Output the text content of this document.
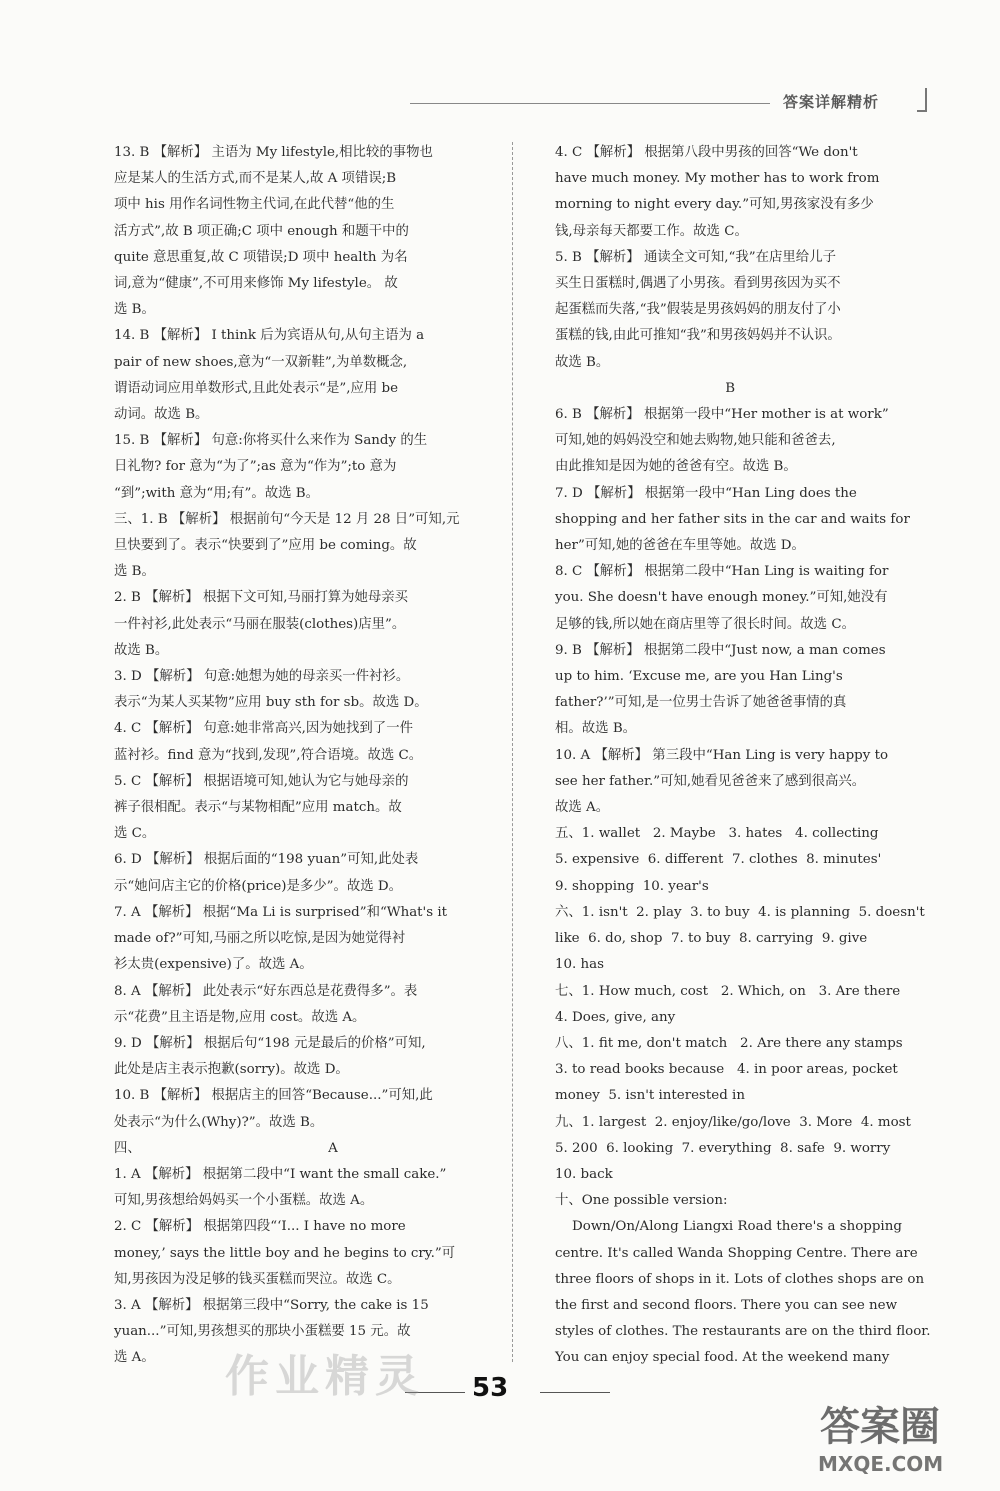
答案详解精析
13. B 【解析】 主语为 My lifestyle,相比较的事物也
应是某人的生活方式,而不是某人,故 A 项错误;B
项中 his 用作名词性物主代词,在此代替“他的生
活方式”,故 B 项正确;C 项中 enough 和题干中的
quite 意思重复,故 C 项错误;D 项中 health 为名
词,意为“健康”,不可用来修饰 My lifestyle。 故
选 B。
14. B 【解析】 I think 后为宾语从句,从句主语为 a
pair of new shoes,意为“一双新鞋”,为单数概念,
谓语动词应用单数形式,且此处表示“是”,应用 be
动词。故选 B。
15. B 【解析】 句意:你将买什么来作为 Sandy 的生
日礼物? for 意为“为了”;as 意为“作为”;to 意为
“到”;with 意为“用;有”。故选 B。
三、1. B 【解析】 根据前句“今天是 12 月 28 日”可知,元
旦快要到了。表示“快要到了”应用 be coming。故
选 B。
2. B 【解析】 根据下文可知,马丽打算为她母亲买
一件衬衫,此处表示“马丽在服装(clothes)店里”。
故选 B。
3. D 【解析】 句意:她想为她的母亲买一件衬衫。
表示“为某人买某物”应用 buy sth for sb。故选 D。
4. C 【解析】 句意:她非常高兴,因为她找到了一件
蓝衬衫。find 意为“找到,发现”,符合语境。故选 C。
5. C 【解析】 根据语境可知,她认为它与她母亲的
裤子很相配。表示“与某物相配”应用 match。故
选 C。
6. D 【解析】 根据后面的“198 yuan”可知,此处表
示“她问店主它的价格(price)是多少”。故选 D。
7. A 【解析】 根据“Ma Li is surprised”和“What's it
made of?”可知,马丽之所以吃惊,是因为她觉得衬
衫太贵(expensive)了。故选 A。
8. A 【解析】 此处表示“好东西总是花费得多”。表
示“花费”且主语是物,应用 cost。故选 A。
9. D 【解析】 根据后句“198 元是最后的价格”可知,
此处是店主表示抱歉(sorry)。故选 D。
10. B 【解析】 根据店主的回答“Because...”可知,此
处表示“为什么(Why)?”。故选 B。
四、                                            A
1. A 【解析】 根据第二段中“I want the small cake.”
可知,男孩想给妈妈买一个小蛋糕。故选 A。
2. C 【解析】 根据第四段“‘I... I have no more
money,’ says the little boy and he begins to cry.”可
知,男孩因为没足够的钱买蛋糕而哭泣。故选 C。
3. A 【解析】 根据第三段中“Sorry, the cake is 15
yuan...”可知,男孩想买的那块小蛋糕要 15 元。故
选 A。
4. C 【解析】 根据第八段中男孩的回答“We don't
have much money. My mother has to work from
morning to night every day.”可知,男孩家没有多少
钱,母亲每天都要工作。故选 C。
5. B 【解析】 通读全文可知,“我”在店里给儿子
买生日蛋糕时,偶遇了小男孩。看到男孩因为买不
起蛋糕而失落,“我”假装是男孩妈妈的朋友付了小
蛋糕的钱,由此可推知“我”和男孩妈妈并不认识。
故选 B。
B
6. B 【解析】 根据第一段中“Her mother is at work”
可知,她的妈妈没空和她去购物,她只能和爸爸去,
由此推知是因为她的爸爸有空。故选 B。
7. D 【解析】 根据第一段中“Han Ling does the
shopping and her father sits in the car and waits for
her”可知,她的爸爸在车里等她。故选 D。
8. C 【解析】 根据第二段中“Han Ling is waiting for
you. She doesn't have enough money.”可知,她没有
足够的钱,所以她在商店里等了很长时间。故选 C。
9. B 【解析】 根据第二段中“Just now, a man comes
up to him. ‘Excuse me, are you Han Ling's
father?’”可知,是一位男士告诉了她爸爸事情的真
相。故选 B。
10. A 【解析】 第三段中“Han Ling is very happy to
see her father.”可知,她看见爸爸来了感到很高兴。
故选 A。
五、1. wallet   2. Maybe   3. hates   4. collecting
5. expensive  6. different  7. clothes  8. minutes'
9. shopping  10. year's
六、1. isn't  2. play  3. to buy  4. is planning  5. doesn't
like  6. do, shop  7. to buy  8. carrying  9. give
10. has
七、1. How much, cost   2. Which, on   3. Are there
4. Does, give, any
八、1. fit me, don't match   2. Are there any stamps
3. to read books because   4. in poor areas, pocket
money  5. isn't interested in
九、1. largest  2. enjoy/like/go/love  3. More  4. most
5. 200  6. looking  7. everything  8. safe  9. worry
10. back
十、One possible version:
Down/On/Along Liangxi Road there's a shopping
centre. It's called Wanda Shopping Centre. There are
three floors of shops in it. Lots of clothes shops are on
the first and second floors. There you can see new
styles of clothes. The restaurants are on the third floor.
You can enjoy special food. At the weekend many
53
作业精灵
答案圈
MXQE.COM
